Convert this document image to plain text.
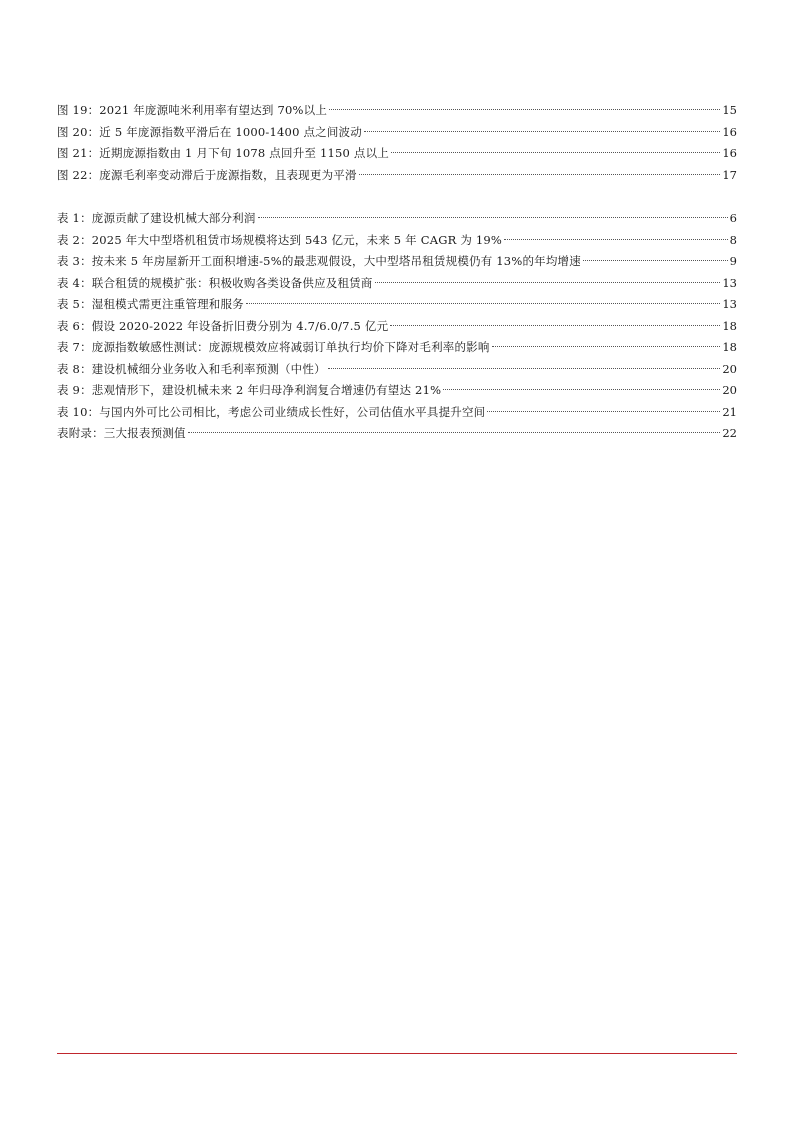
图 19：2021 年庞源吨米利用率有望达到 70%以上	15
图 20：近 5 年庞源指数平滑后在 1000-1400 点之间波动	16
图 21：近期庞源指数由 1 月下旬 1078 点回升至 1150 点以上	16
图 22：庞源毛利率变动滞后于庞源指数，且表现更为平滑	17
表 1：庞源贡献了建设机械大部分利润	6
表 2：2025 年大中型塔机租赁市场规模将达到 543 亿元，未来 5 年 CAGR 为 19%	8
表 3：按未来 5 年房屋新开工面积增速-5%的最悲观假设，大中型塔吊租赁规模仍有 13%的年均增速	9
表 4：联合租赁的规模扩张：积极收购各类设备供应及租赁商	13
表 5：湿租模式需更注重管理和服务	13
表 6：假设 2020-2022 年设备折旧费分别为 4.7/6.0/7.5 亿元	18
表 7：庞源指数敏感性测试：庞源规模效应将减弱订单执行均价下降对毛利率的影响	18
表 8：建设机械细分业务收入和毛利率预测（中性）	20
表 9：悲观情形下，建设机械未来 2 年归母净利润复合增速仍有望达 21%	20
表 10：与国内外可比公司相比，考虑公司业绩成长性好，公司估值水平具提升空间	21
表附录：三大报表预测值	22
